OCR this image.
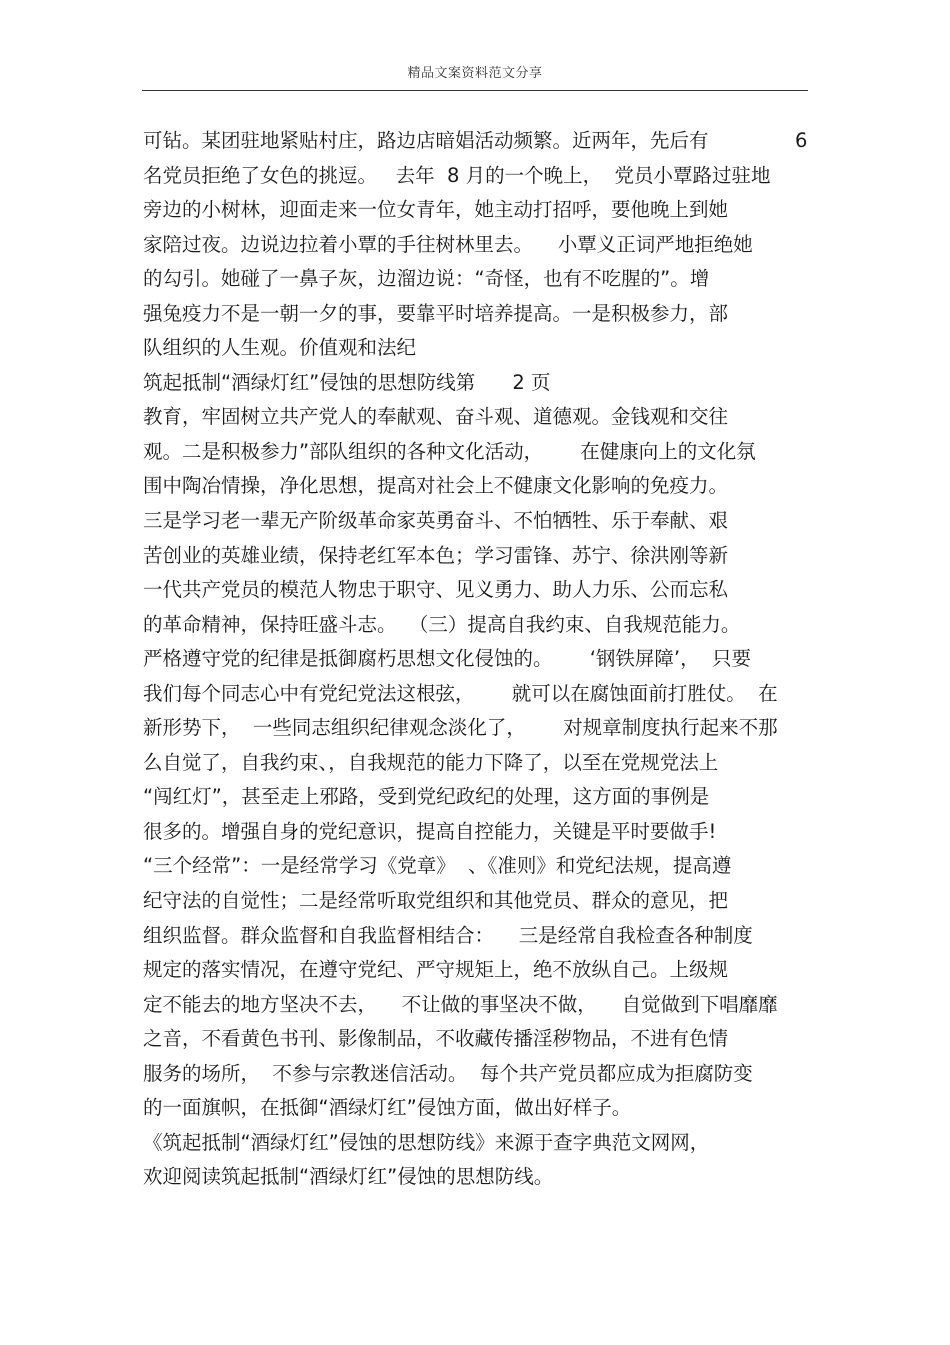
精品文案资料范文分享
可钻。某团驻地紧贴村庄，路边店暗娼活动频繁。近两年，先后有	6
名党员拒绝了女色的挑逗。   去年  8 月的一个晚上，  党员小覃路过驻地
旁边的小树林，迎面走来一位女青年，她主动打招呼，要他晚上到她
家陪过夜。边说边拉着小覃的手往树林里去。    小覃义正词严地拒绝她
的勾引。她碰了一鼻子灰，边溜边说：“奇怪，也有不吃腥的”。增
强兔疫力不是一朝一夕的事，要靠平时培养提高。一是积极参力，部
队组织的人生观。价值观和法纪
筑起抵制“酒绿灯红”侵蚀的思想防线第      2 页
教育，牢固树立共产党人的奉献观、奋斗观、道德观。金钱观和交往
观。二是积极参力”部队组织的各种文化活动，      在健康向上的文化氛
围中陶冶情操，净化思想，提高对社会上不健康文化影响的免疫力。
三是学习老一辈无产阶级革命家英勇奋斗、不怕牺牲、乐于奉献、艰
苦创业的英雄业绩，保持老红军本色；学习雷锋、苏宁、徐洪刚等新
一代共产党员的模范人物忠于职守、见义勇力、助人力乐、公而忘私
的革命精神，保持旺盛斗志。  （三）提高自我约束、自我规范能力。
严格遵守党的纪律是抵御腐朽思想文化侵蚀的。      ‘钢铁屏障’，  只要
我们每个同志心中有党纪党法这根弦，      就可以在腐蚀面前打胜仗。  在
新形势下，  一些同志组织纪律观念淡化了，      对规章制度执行起来不那
么自觉了，自我约束、，自我规范的能力下降了，以至在党规党法上
“闯红灯”，甚至走上邪路，受到党纪政纪的处理，这方面的事例是
很多的。增强自身的党纪意识，提高自控能力，关键是平时要做手!
“三个经常”：一是经常学习《党章》  、《准则》和党纪法规，提高遵
纪守法的自觉性；二是经常听取党组织和其他党员、群众的意见，把
组织监督。群众监督和自我监督相结合：    三是经常自我检查各种制度
规定的落实情况，在遵守党纪、严守规矩上，绝不放纵自己。上级规
定不能去的地方坚决不去，    不让做的事坚决不做，    自觉做到下唱靡靡
之音，不看黄色书刊、影像制品，不收藏传播淫秽物品，不进有色情
服务的场所，  不参与宗教迷信活动。  每个共产党员都应成为拒腐防变
的一面旗帜，在抵御“酒绿灯红”侵蚀方面，做出好样子。
《筑起抵制“酒绿灯红”侵蚀的思想防线》来源于查字典范文网网，
欢迎阅读筑起抵制“酒绿灯红”侵蚀的思想防线。
